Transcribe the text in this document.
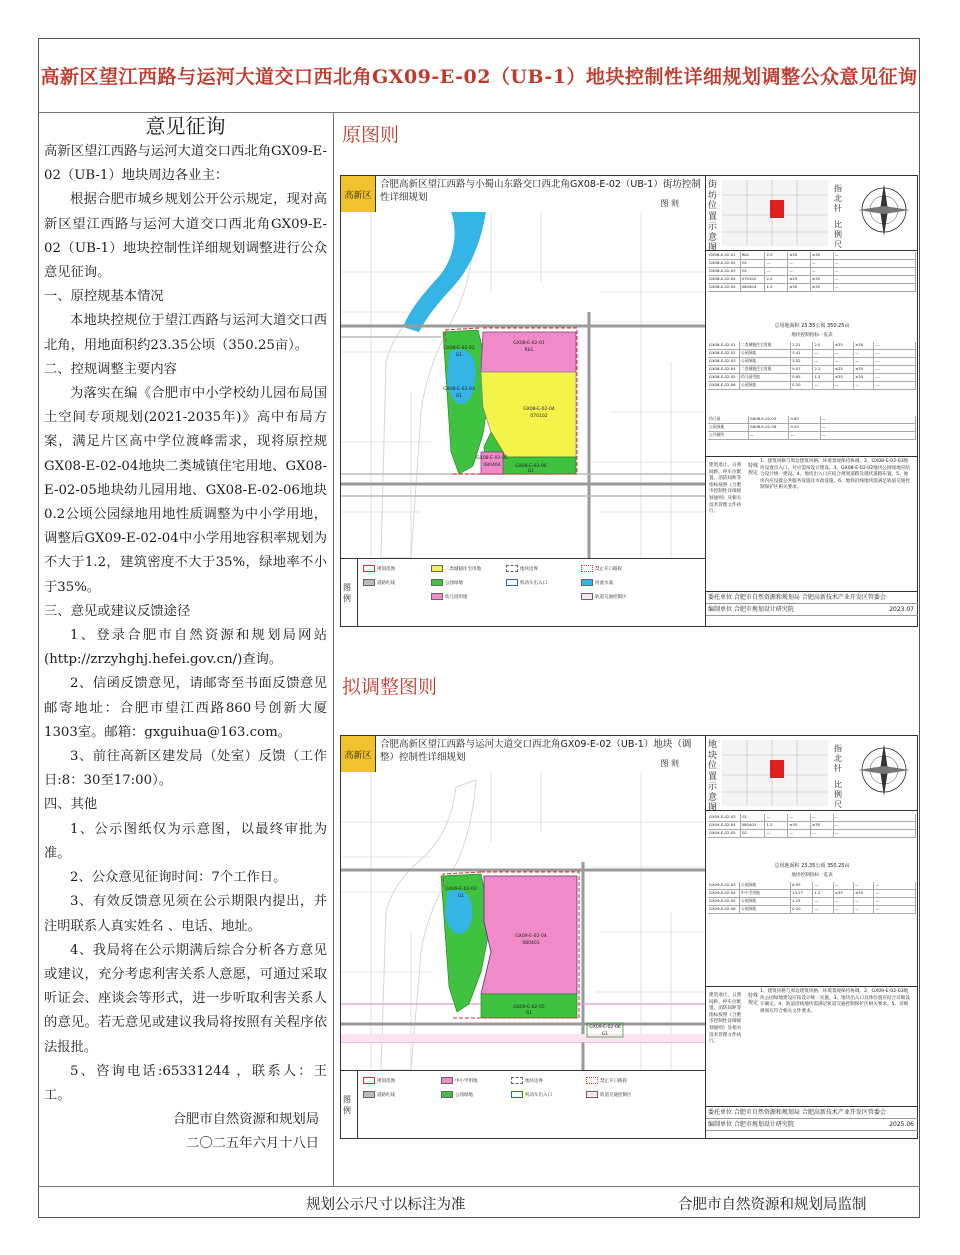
高新区望江西路与运河大道交口西北角GX09-E-02（UB-1）地块控制性详细规划调整公众意见征询
意见征询

高新区望江西路与运河大道交口西北角GX09-E-02（UB-1）地块周边各业主：

根据合肥市城乡规划公开公示规定，现对高新区望江西路与运河大道交口西北角GX09-E-02（UB-1）地块控制性详细规划调整进行公众意见征询。

一、原控规基本情况

本地块控规位于望江西路与运河大道交口西北角，用地面积约23.35公顷（350.25亩）。

二、控规调整主要内容

为落实在编《合肥市中小学校幼儿园布局国土空间专项规划(2021-2035年)》高中布局方案，满足片区高中学位渡峰需求，现将原控规GX08-E-02-04地块二类城镇住宅用地、GX08-E-02-05地块幼儿园用地、GX08-E-02-06地块0.2公顷公园绿地用地性质调整为中小学用地，调整后GX09-E-02-04中小学用地容积率规划为不大于1.2，建筑密度不大于35%，绿地率不小于35%。

三、意见或建议反馈途径

1、登录合肥市自然资源和规划局网站(http://zrzyhghj.hefei.gov.cn/)查询。

2、信函反馈意见，请邮寄至书面反馈意见邮寄地址：合肥市望江西路860号创新大厦1303室。邮箱：gxguihua@163.com。

3、前往高新区建发局（处室）反馈（工作日:8：30至17:00）。

四、其他

1、公示图纸仅为示意图，以最终审批为准。

2、公众意见征询时间：7个工作日。

3、有效反馈意见须在公示期限内提出，并注明联系人真实姓名 、电话、地址。

4、我局将在公示期满后综合分析各方意见或建议，充分考虑利害关系人意愿，可通过采取听证会、座谈会等形式，进一步听取利害关系人的意见。若无意见或建议我局将按照有关程序依法报批。

5、咨询电话:65331244 ，联系人：王工。

合肥市自然资源和规划局

二〇二五年六月十八日

原图则
高新区
合肥高新区望江西路与小蜀山东路交口西北角GX08-E-02（UB-1）街坊控制性详细规划
图 则
GX08-E-02-01
Rb1
GX08-E-02-02
G1
GX08-E-02-03
G1
GX08-E-02-04
070102
GX08-E-02-05
080404	GX08-E-02-06
G1
图例
规划范围
道路红线
二类城镇住宅用地
公园绿地
幼儿园用地
地块边界
机动车出入口
禁止开口路段
河流水面
轨道交通控制区
街坊位置示意图
指北针
比例尺
GX08-E-02-01	Rb1	2.0	≤35	≥30	—
GX08-E-02-02	G1	—	—	—	—
GX08-E-02-03	G1	—	—	—	—
GX08-E-02-04	070102	2.2	≤25	≥35	—
GX08-E-02-05	080404	1.2	≤30	≥35	—
总用地面积 23.35公顷 350.25亩
地块控制指标一览表
GX08-E-02-01	二类城镇住宅用地	2.21	2.0	≤35	≥30	—
GX08-E-02-02	公园绿地	3.41	—	—	—	—
GX08-E-02-03	公园绿地	3.52	—	—	—	—
GX08-E-02-04	二类城镇住宅用地	9.07	2.2	≤25	≥35	—
GX08-E-02-05	幼儿园用地	0.85	1.2	≤30	≥35	—
GX08-E-02-06	公园绿地	0.20	—	—	—	—
幼儿园	GX08-E-02-05	0.85	—
公园绿地	GX08-E-02-06	0.20	—
公共厕所	—	—	—
建筑退让、日照间距、停车位配置、消防间距等指标按照《合肥市控制性详细规划通则》及相关技术管理文件执行。
特殊规定
1、建筑风格与周边建筑风格、环境景观保持协调。2、GX08-E-02-03地块设置出入口，对应需按设计建设。3、GX08-E-02-02地块公园绿地应结合设计统一建设。4、地块出入口应结合规划道路及现状道路布置。5、地块内应设置公共服务设施及市政设施。6、地铁沿线地块需满足轨道交通控制保护区相关要求。
委托单位 合肥市自然资源和规划局 合肥高新技术产业开发区管委会
编制单位 合肥市规划设计研究院	2023.07
拟调整图则
高新区
合肥高新区望江西路与运河大道交口西北角GX09-E-02（UB-1）地块（调整）控制性详细规划
图 则
GX09-E-02-03
G1
GX09-E-02-04
080403
GX09-E-02-05
G1
GX09-E-02-06
G1
图例
规划范围
道路红线
中小学用地
公园绿地
地块边界
机动车出入口
禁止开口路段
轨道交通控制区
地块位置示意图
指北针
比例尺
GX09-E-02-03	G1	—	—	—	—
GX09-E-02-04	080403	1.2	≤35	≥35	—
GX09-E-02-05	G1	—	—	—	—
总用地面积 23.35公顷 350.25亩
地块控制指标一览表
GX09-E-02-03	公园绿地	6.93	—	—	—	—
GX09-E-02-04	中小学用地	13.27	1.2	≤35	≥35	—
GX09-E-02-05	公园绿地	1.15	—	—	—	—
GX09-E-02-06	公园绿地	0.20	—	—	—	—
建筑退让、日照间距、停车位配置、消防间距等指标按照《合肥市控制性详细规划通则》及相关技术管理文件执行。
特殊规定
1、建筑风格与周边建筑风格、环境景观保持协调。2、GX09-E-02-03地块公园绿地建设应按设计统一实施。3、地块出入口具体位置应结合详细设计确定。4、轨道沿线地块需满足轨道交通控制保护区相关要求。5、详细规划应符合相关文件要求。
委托单位 合肥市自然资源和规划局 合肥高新技术产业开发区管委会
编制单位 合肥市规划设计研究院	2025.06
规划公示尺寸以标注为准	合肥市自然资源和规划局监制
